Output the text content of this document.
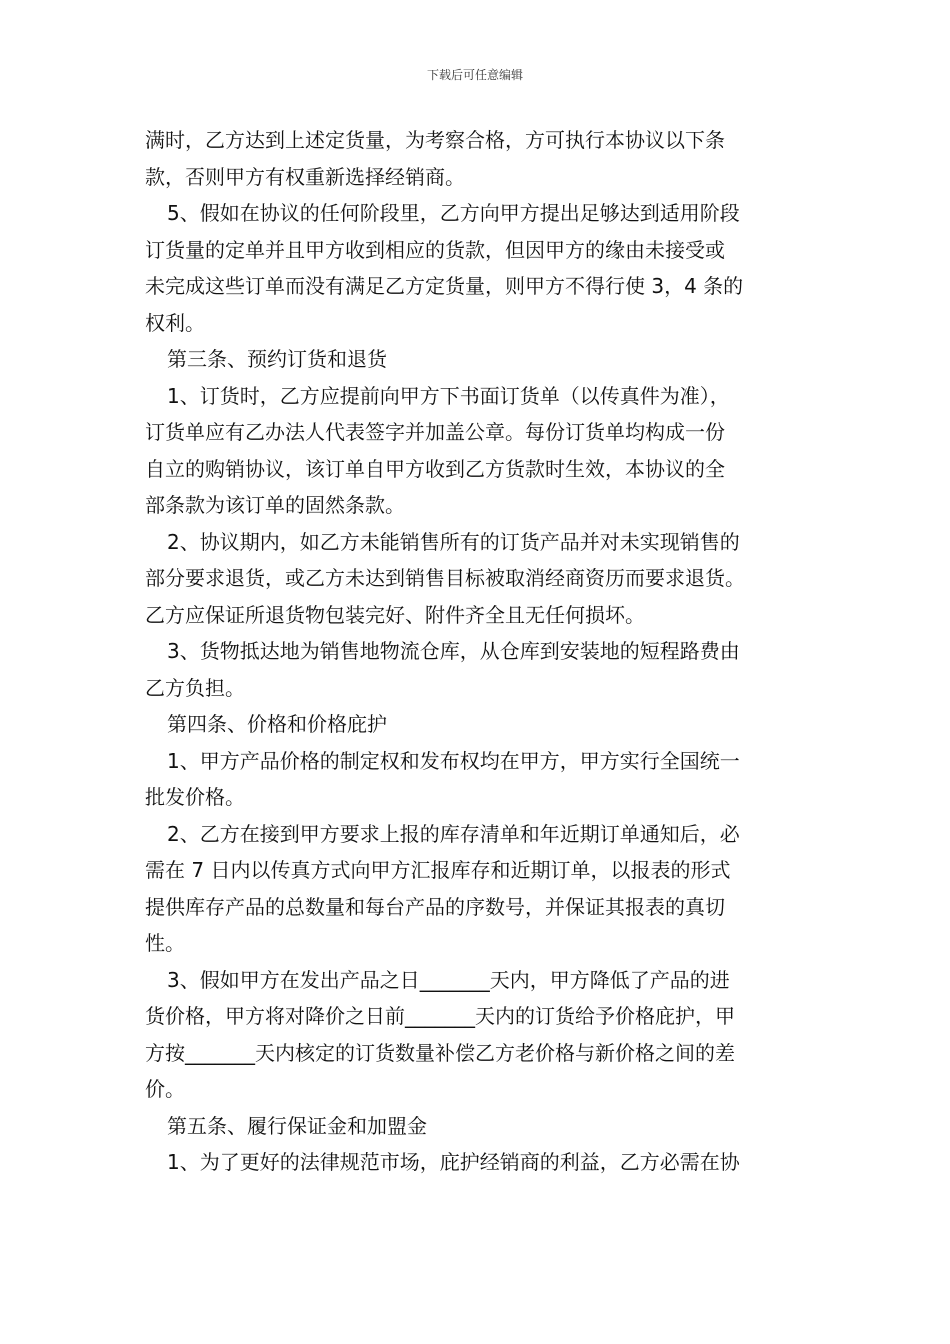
下载后可任意编辑
满时，乙方达到上述定货量，为考察合格，方可执行本协议以下条
款，否则甲方有权重新选择经销商。
5、假如在协议的任何阶段里，乙方向甲方提出足够达到适用阶段
订货量的定单并且甲方收到相应的货款，但因甲方的缘由未接受或
未完成这些订单而没有满足乙方定货量，则甲方不得行使 3，4 条的
权利。
第三条、预约订货和退货
1、订货时，乙方应提前向甲方下书面订货单（以传真件为准），
订货单应有乙办法人代表签字并加盖公章。每份订货单均构成一份
自立的购销协议，该订单自甲方收到乙方货款时生效，本协议的全
部条款为该订单的固然条款。
2、协议期内，如乙方未能销售所有的订货产品并对未实现销售的
部分要求退货，或乙方未达到销售目标被取消经商资历而要求退货。
乙方应保证所退货物包装完好、附件齐全且无任何损坏。
3、货物抵达地为销售地物流仓库，从仓库到安装地的短程路费由
乙方负担。
第四条、价格和价格庇护
1、甲方产品价格的制定权和发布权均在甲方，甲方实行全国统一
批发价格。
2、乙方在接到甲方要求上报的库存清单和年近期订单通知后，必
需在 7 日内以传真方式向甲方汇报库存和近期订单，以报表的形式
提供库存产品的总数量和每台产品的序数号，并保证其报表的真切
性。
3、假如甲方在发出产品之日_______天内，甲方降低了产品的进
货价格，甲方将对降价之日前_______天内的订货给予价格庇护，甲
方按_______天内核定的订货数量补偿乙方老价格与新价格之间的差
价。
第五条、履行保证金和加盟金
1、为了更好的法律规范市场，庇护经销商的利益，乙方必需在协
